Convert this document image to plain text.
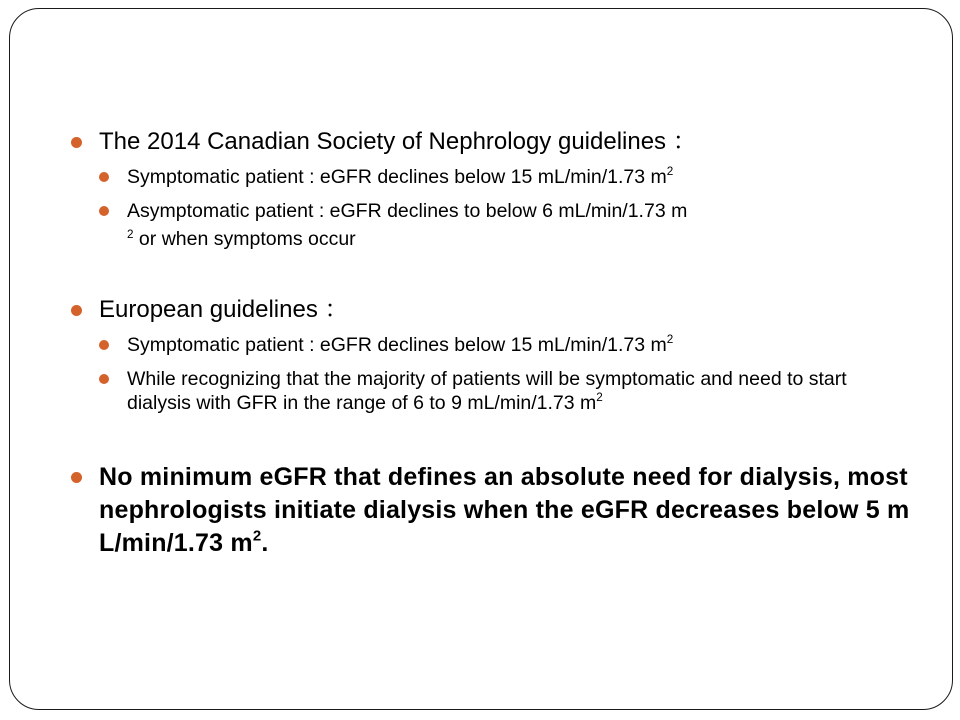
The 2014 Canadian Society of Nephrology guidelines ：
Symptomatic patient : eGFR declines below 15 mL/min/1.73 $m^2$
Asymptomatic patient : eGFR declines to below 6 mL/min/1.73 m
$^2$ or when symptoms occur
European guidelines ：
Symptomatic patient : eGFR declines below 15 mL/min/1.73 $m^2$
While recognizing that the majority of patients will be symptomatic and need to start dialysis with GFR in the range of 6 to 9 mL/min/1.73 $m^2$
No minimum eGFR that defines an absolute need for dialysis, most nephrologists initiate dialysis when the eGFR decreases below 5 mL/min/1.73 $m^2$.
